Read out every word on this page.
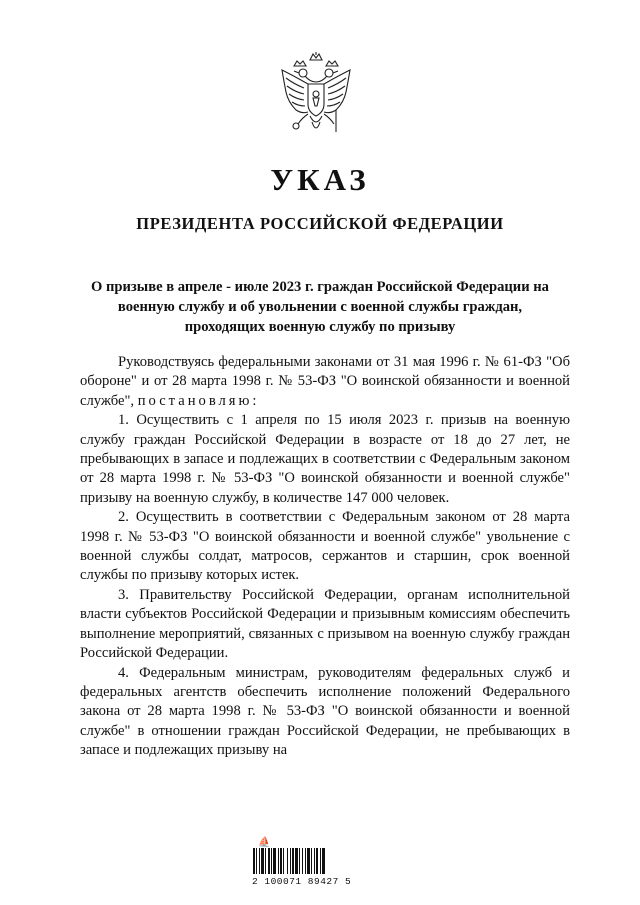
УКАЗ
ПРЕЗИДЕНТА РОССИЙСКОЙ ФЕДЕРАЦИИ
О призыве в апреле - июле 2023 г. граждан Российской Федерации на военную службу и об увольнении с военной службы граждан, проходящих военную службу по призыву

Руководствуясь федеральными законами от 31 мая 1996 г. № 61-ФЗ "Об обороне" и от 28 марта 1998 г. № 53-ФЗ "О воинской обязанности и военной службе", постановляю:

1. Осуществить с 1 апреля по 15 июля 2023 г. призыв на военную службу граждан Российской Федерации в возрасте от 18 до 27 лет, не пребывающих в запасе и подлежащих в соответствии с Федеральным законом от 28 марта 1998 г. № 53-ФЗ "О воинской обязанности и военной службе" призыву на военную службу, в количестве 147 000 человек.

2. Осуществить в соответствии с Федеральным законом от 28 марта 1998 г. № 53-ФЗ "О воинской обязанности и военной службе" увольнение с военной службы солдат, матросов, сержантов и старшин, срок военной службы по призыву которых истек.

3. Правительству Российской Федерации, органам исполнительной власти субъектов Российской Федерации и призывным комиссиям обеспечить выполнение мероприятий, связанных с призывом на военную службу граждан Российской Федерации.

4. Федеральным министрам, руководителям федеральных служб и федеральных агентств обеспечить исполнение положений Федерального закона от 28 марта 1998 г. № 53-ФЗ "О воинской обязанности и военной службе" в отношении граждан Российской Федерации, не пребывающих в запасе и подлежащих призыву на

⛵
2 100071 89427 5
